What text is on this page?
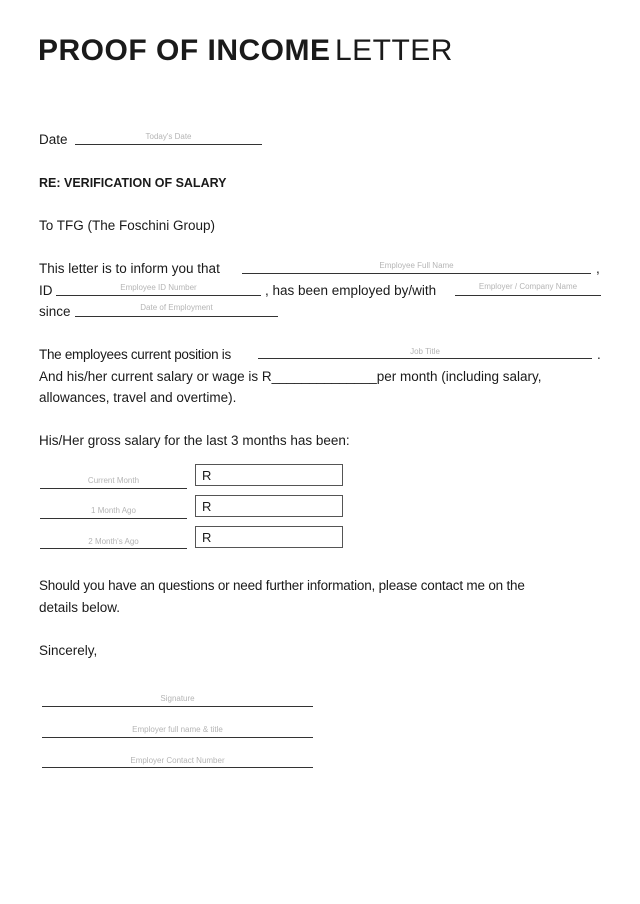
PROOF OF INCOME LETTER
Date	Today's Date
RE: VERIFICATION OF SALARY
To TFG (The Foschini Group)
This letter is to inform you that	Employee Full Name	,
ID	Employee ID Number	, has been employed by/with	Employer / Company Name
since	Date of Employment
The employees current position is	Job Title	.
And his/her current salary or wage is R______________per month (including salary,
allowances, travel and overtime).
His/Her gross salary for the last 3 months has been:
Current Month	R
1 Month Ago	R
2 Month's Ago	R
Should you have an questions or need further information, please contact me on the
details below.
Sincerely,
Signature
Employer full name & title
Employer Contact Number
